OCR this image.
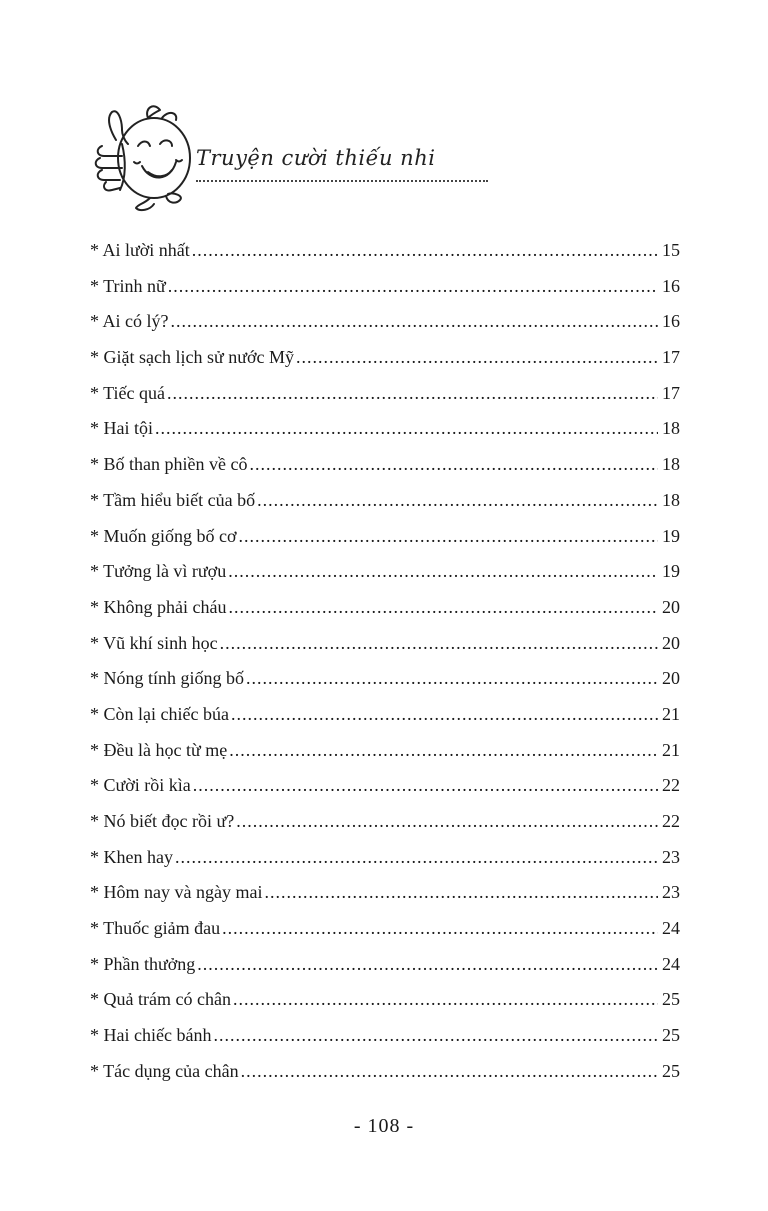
Truyện cười thiếu nhi
* Ai lười nhất .....	15
* Trinh nữ .....	16
* Ai có lý? .....	16
* Giặt sạch lịch sử nước Mỹ .....	17
* Tiếc quá .....	17
* Hai tội .....	18
* Bố than phiền về cô .....	18
* Tầm hiểu biết của bố .....	18
* Muốn giống bố cơ .....	19
* Tưởng là vì rượu .....	19
* Không phải cháu .....	20
* Vũ khí sinh học .....	20
* Nóng tính giống bố .....	20
* Còn lại chiếc búa .....	21
* Đều là học từ mẹ .....	21
* Cười rồi kìa .....	22
* Nó biết đọc rồi ư? .....	22
* Khen hay .....	23
* Hôm nay và ngày mai .....	23
* Thuốc giảm đau .....	24
* Phần thưởng .....	24
* Quả trám có chân .....	25
* Hai chiếc bánh .....	25
* Tác dụng của chân .....	25
- 108 -
